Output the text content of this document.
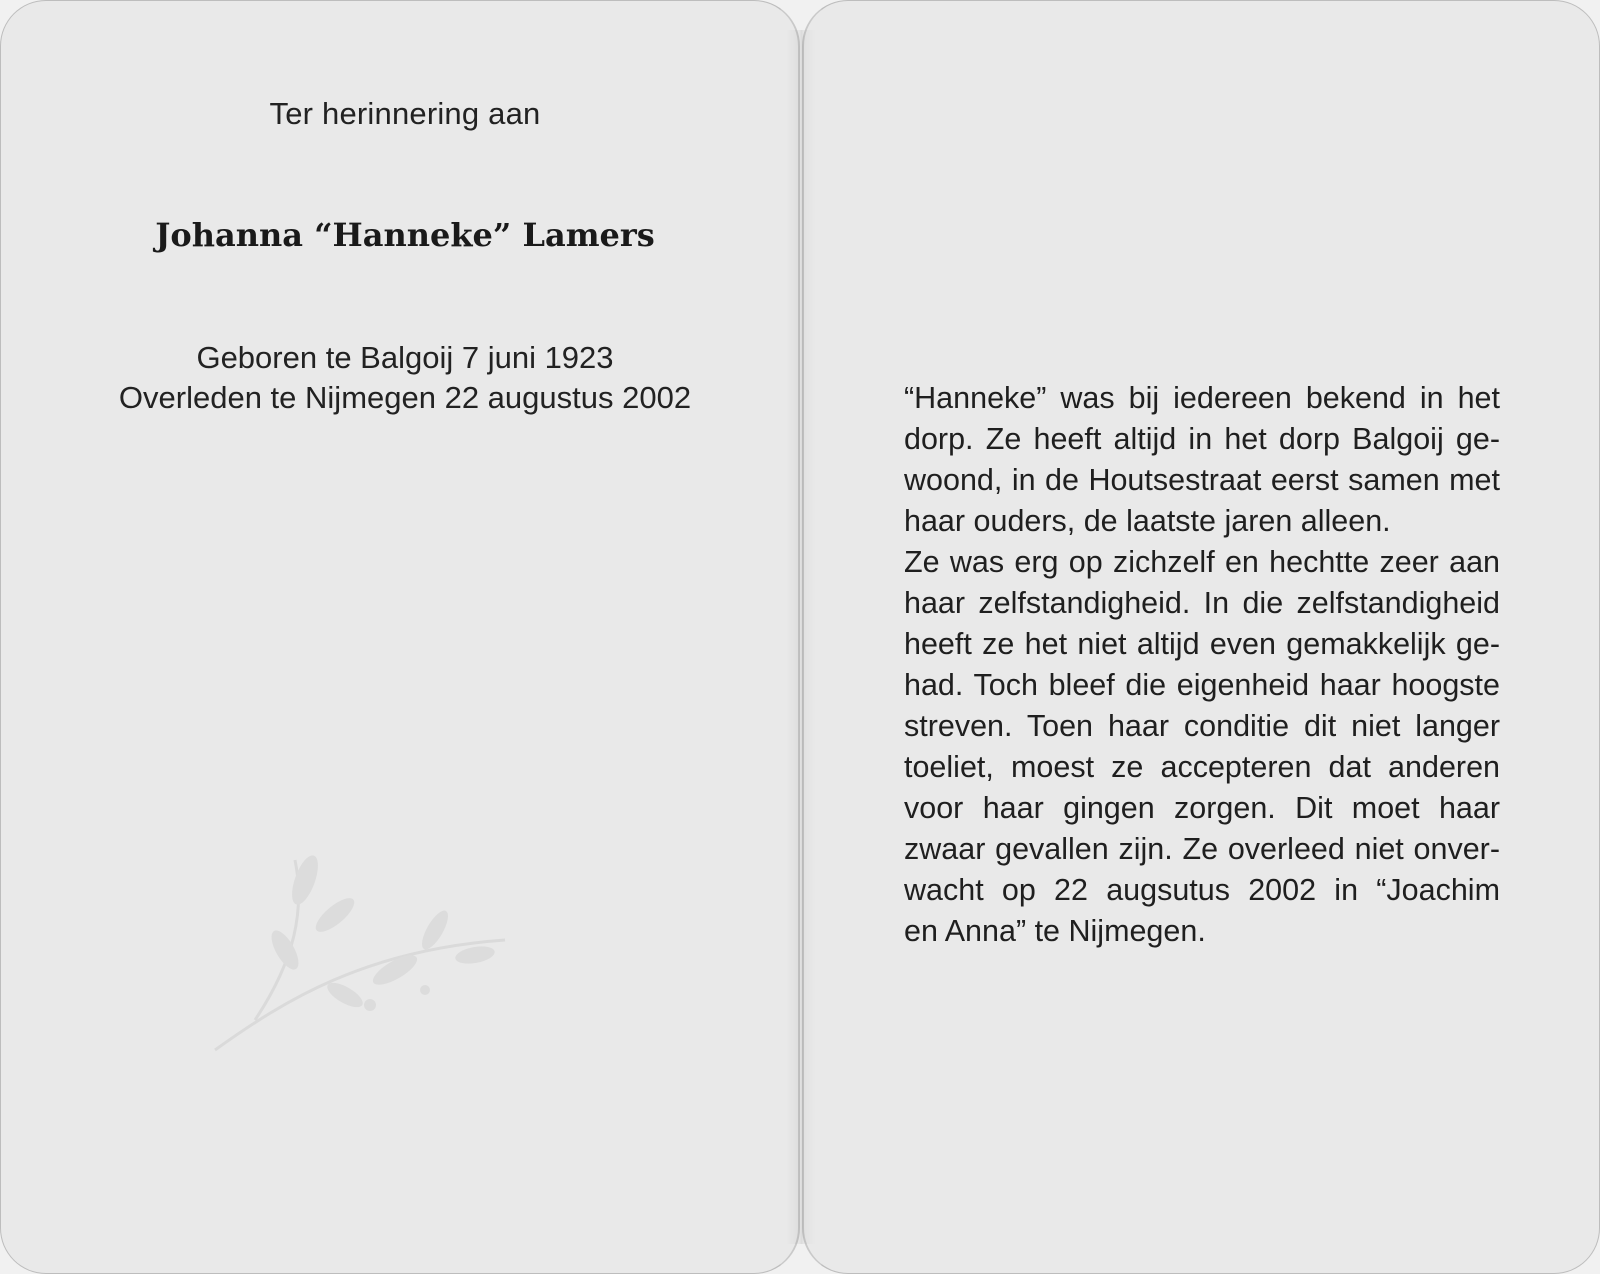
Ter herinnering aan
Johanna “Hanneke” Lamers
Geboren te Balgoij 7 juni 1923
Overleden te Nijmegen 22 augustus 2002	“Hanneke” was bij iedereen bekend in het
dorp. Ze heeft altijd in het dorp Balgoij ge-
woond, in de Houtsestraat eerst samen met
haar ouders, de laatste jaren alleen.
Ze was erg op zichzelf en hechtte zeer aan
haar zelfstandigheid. In die zelfstandigheid
heeft ze het niet altijd even gemakkelijk ge-
had. Toch bleef die eigenheid haar hoogste
streven. Toen haar conditie dit niet langer
toeliet, moest ze accepteren dat anderen
voor haar gingen zorgen. Dit moet haar
zwaar gevallen zijn. Ze overleed niet onver-
wacht op 22 augsutus 2002 in “Joachim
en Anna” te Nijmegen.
